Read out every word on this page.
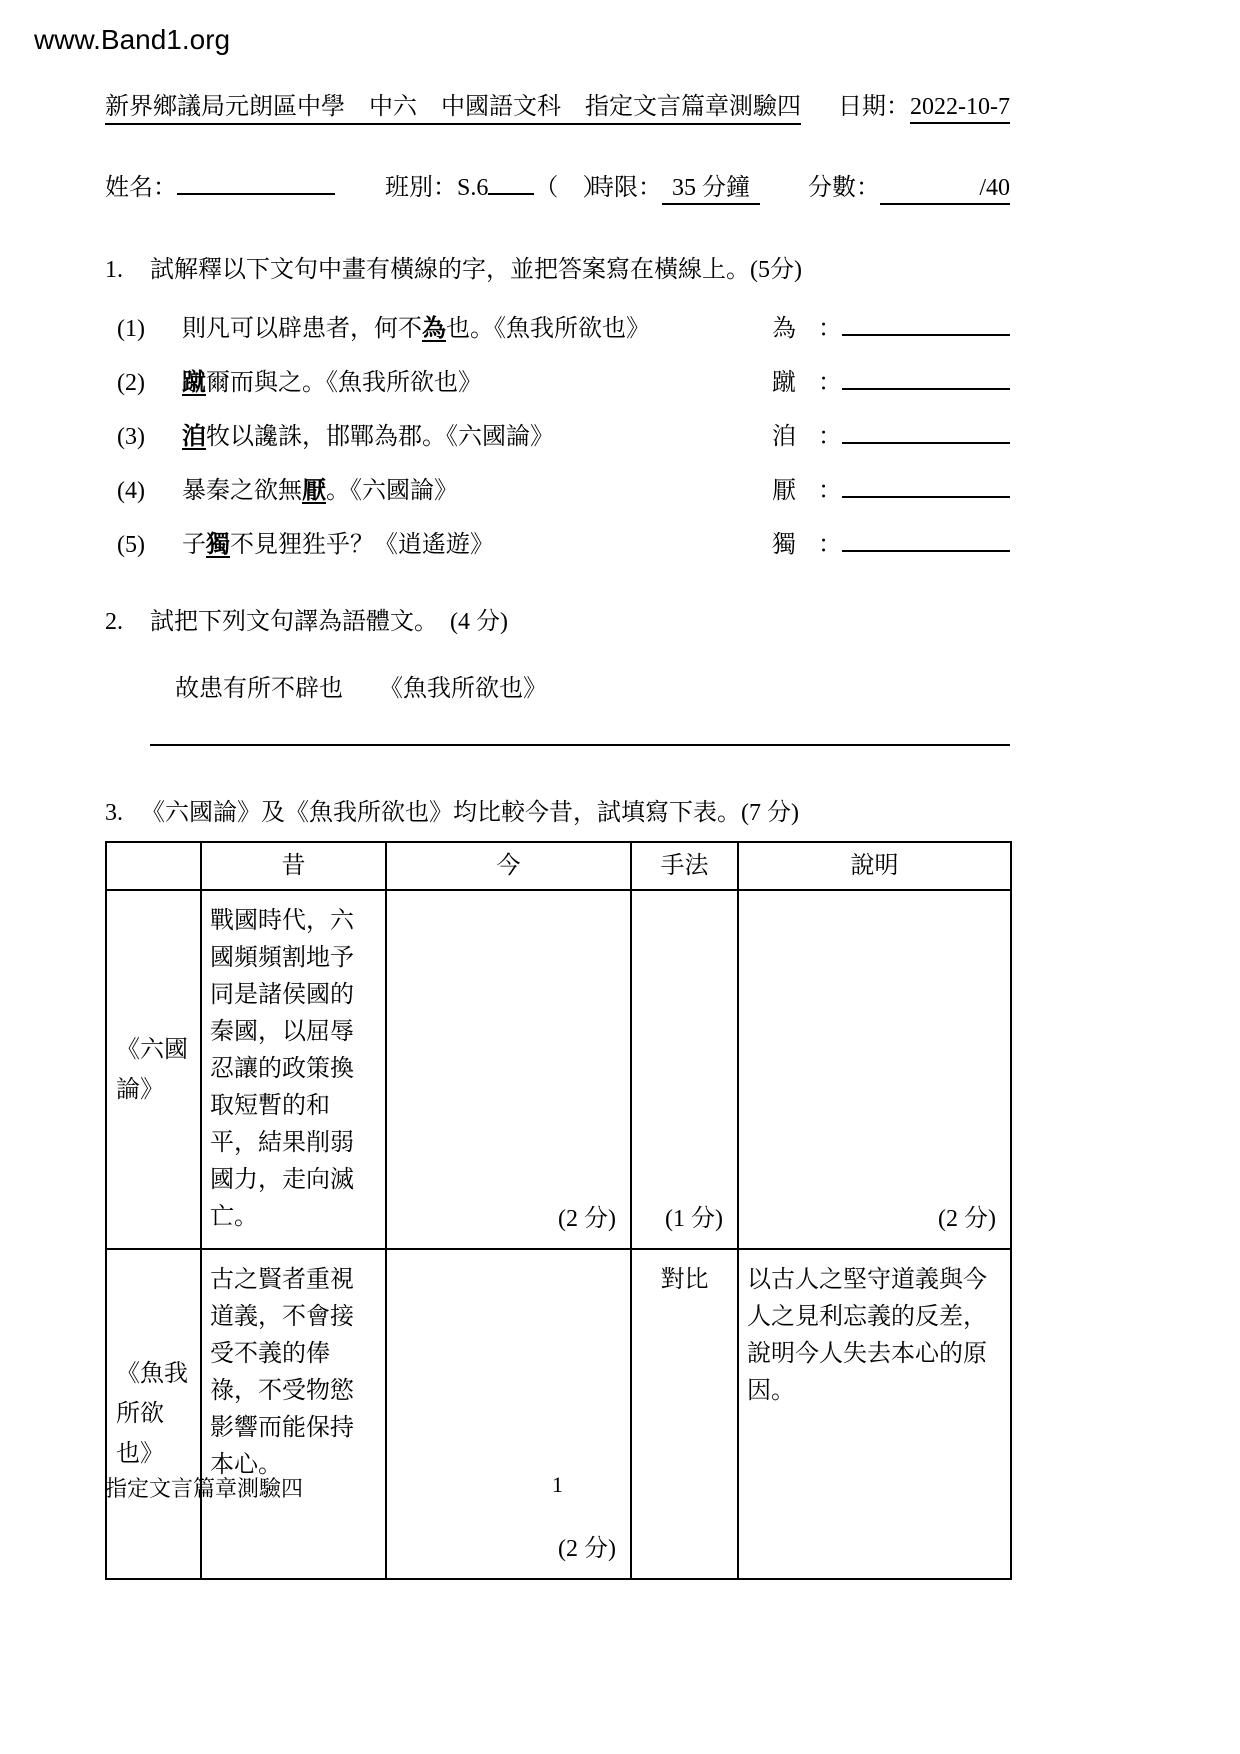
www.Band1.org
新界鄉議局元朗區中學　中六　中國語文科　指定文言篇章測驗四 日期：2022-10-7
姓名：	班別：S.6 （　）
時限： 35 分鐘	分數：	/40
1.	試解釋以下文句中畫有橫線的字，並把答案寫在橫線上。(5分)
(1)	則凡可以辟患者，何不為也。《魚我所欲也》	為 ：
(2)	蹴爾而與之。《魚我所欲也》	蹴 ：
(3)	洎牧以讒誅，邯鄲為郡。《六國論》	洎 ：
(4)	暴秦之欲無厭。《六國論》	厭 ：
(5)	子獨不見狸狌乎？《逍遙遊》	獨 ：
2.	試把下列文句譯為語體文。　(4 分)
故患有所不辟也　　《魚我所欲也》
3. 《六國論》及《魚我所欲也》均比較今昔，試填寫下表。(7 分)
	昔	今	手法	說明
《六國論》	戰國時代，六國頻頻割地予同是諸侯國的秦國，以屈辱忍讓的政策換取短暫的和平，結果削弱國力，走向滅亡。	(2 分)	(1 分)	(2 分)

《魚我所欲也》	古之賢者重視道義，不會接受不義的俸祿，不受物慾影響而能保持本心。	(2 分)	對比	以古人之堅守道義與今人之見利忘義的反差，說明今人失去本心的原因。
指定文言篇章測驗四	1
